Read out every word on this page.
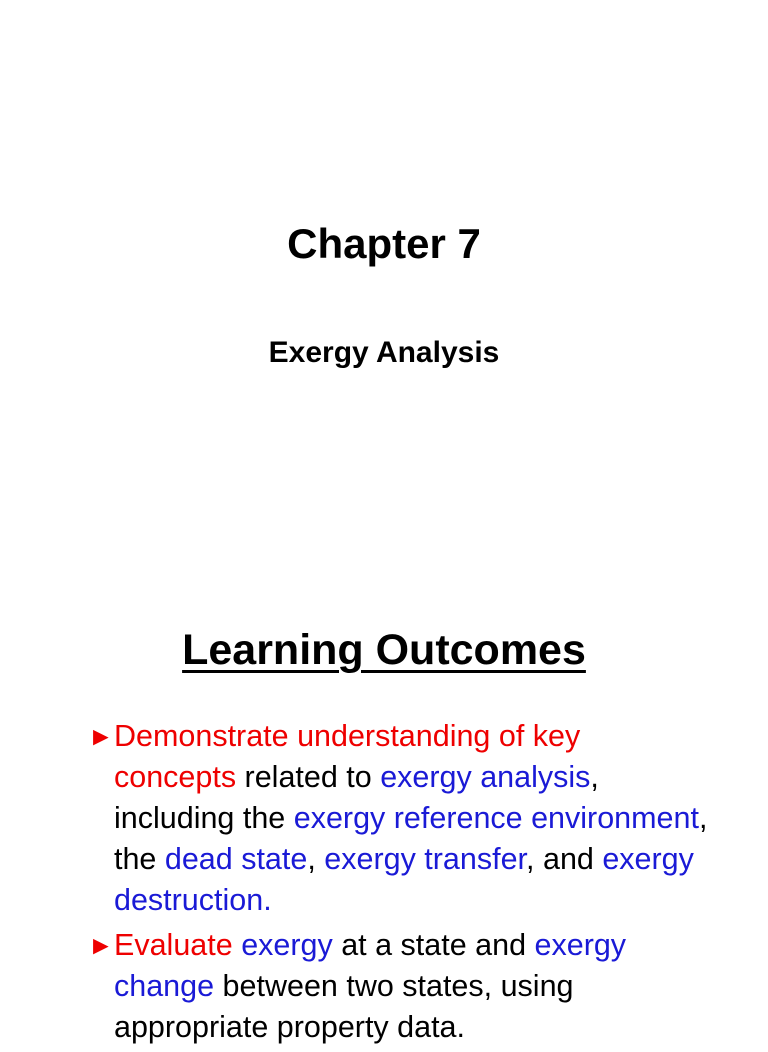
Chapter 7
Exergy Analysis
Learning Outcomes
► Demonstrate understanding of key concepts related to exergy analysis, including the exergy reference environment, the dead state, exergy transfer, and exergy destruction.
► Evaluate exergy at a state and exergy change between two states, using appropriate property data.
